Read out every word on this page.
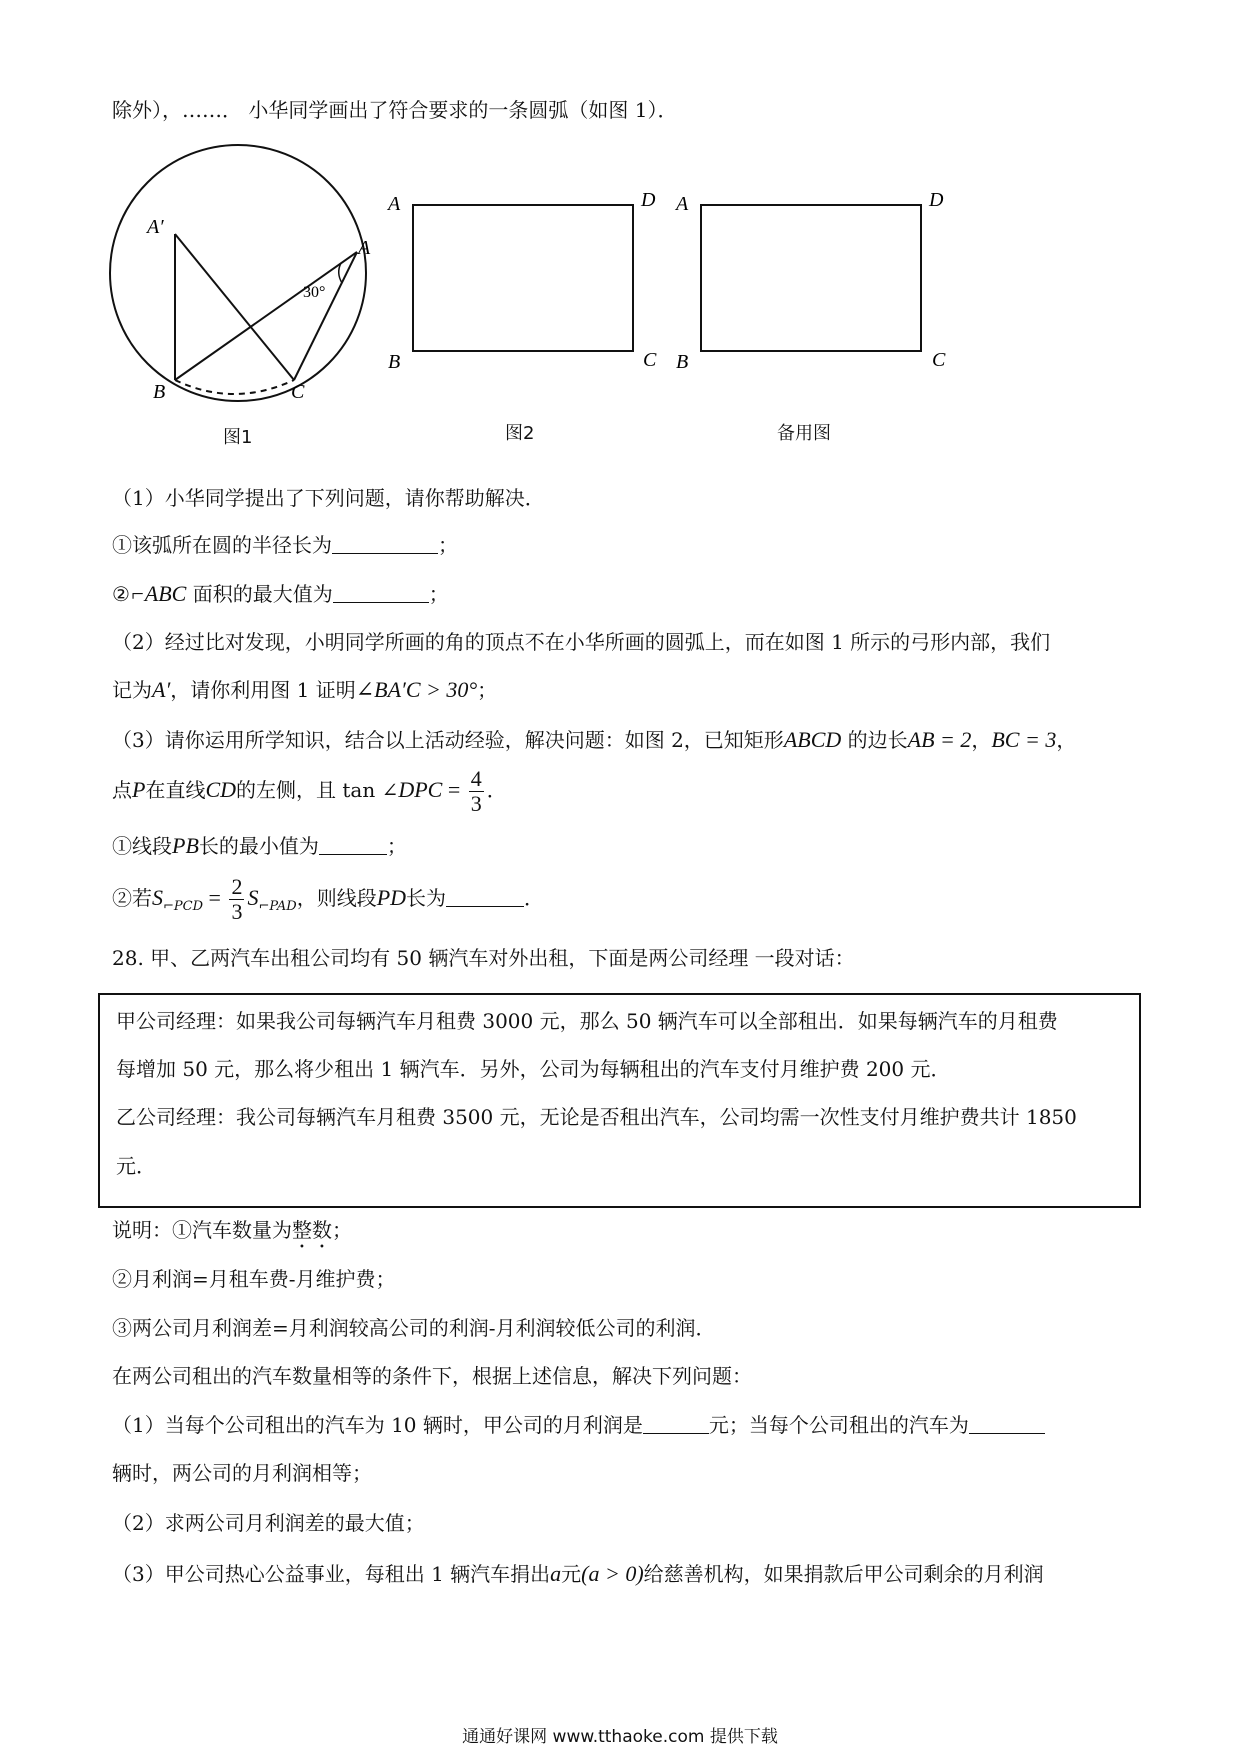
除外），……． 小华同学画出了符合要求的一条圆弧（如图 1）．
A′
A
B	C
30°
A	D
B	C
A	D
B	C
图1	图2	备用图
（1）小华同学提出了下列问题，请你帮助解决．
①该弧所在圆的半径长为	；
②⌐ABC 面积的最大值为	；
（2）经过比对发现，小明同学所画的角的顶点不在小华所画的圆弧上，而在如图 1 所示的弓形内部，我们
记为A′，请你利用图 1 证明∠BA′C > 30°；
（3）请你运用所学知识，结合以上活动经验，解决问题：如图 2，已知矩形ABCD 的边长AB = 2，BC = 3，
点P在直线CD的左侧，且 tan ∠DPC = $\frac{4}{3}$ ．
①线段PB长的最小值为	；
②若$S_{⌐PCD} = \frac{2}{3} S_{⌐PAD}$，则线段PD长为	．
28. 甲、乙两汽车出租公司均有 50 辆汽车对外出租，下面是两公司经理 一段对话：
甲公司经理：如果我公司每辆汽车月租费 3000 元，那么 50 辆汽车可以全部租出．如果每辆汽车的月租费
每增加 50 元，那么将少租出 1 辆汽车．另外，公司为每辆租出的汽车支付月维护费 200 元．
乙公司经理：我公司每辆汽车月租费 3500 元，无论是否租出汽车，公司均需一次性支付月维护费共计 1850
元．
说明：①汽车数量为整数；
②月利润=月租车费-月维护费；
③两公司月利润差=月利润较高公司的利润-月利润较低公司的利润．
在两公司租出的汽车数量相等的条件下，根据上述信息，解决下列问题：
（1）当每个公司租出的汽车为 10 辆时，甲公司的月利润是	元；当每个公司租出的汽车为
辆时，两公司的月利润相等；
（2）求两公司月利润差的最大值；
（3）甲公司热心公益事业，每租出 1 辆汽车捐出a元(a > 0)给慈善机构，如果捐款后甲公司剩余的月利润
通通好课网 www.tthaoke.com 提供下载
